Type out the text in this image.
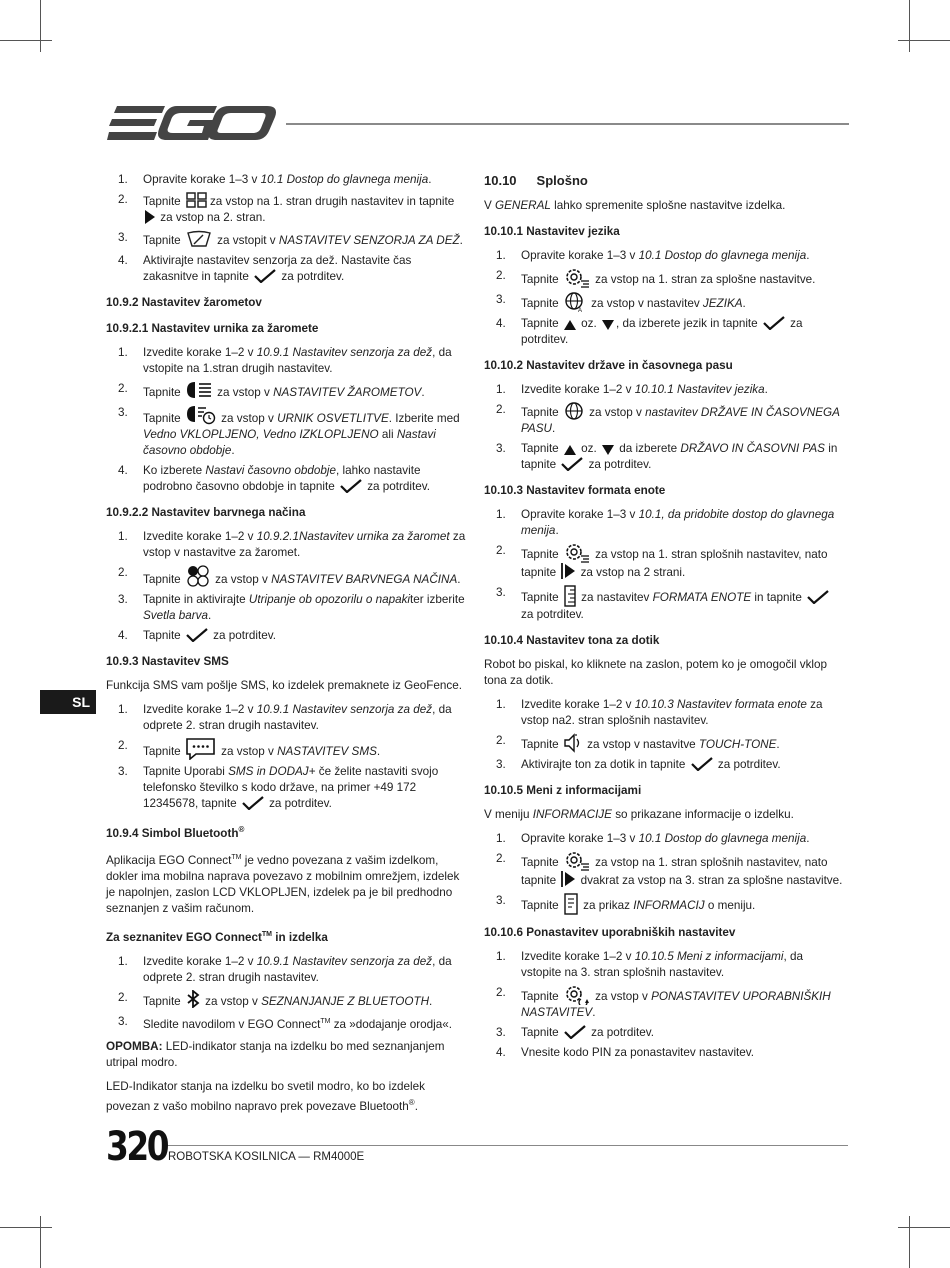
SL
1. Opravite korake 1–3 v 10.1 Dostop do glavnega menija.
2. Tapnite za vstop na 1. stran drugih nastavitev in tapnite  za vstop na 2. stran.
3. Tapnite	za vstopit v NASTAVITEV SENZORJA ZA DEŽ.
4. Aktivirajte nastavitev senzorja za dež. Nastavite čas zakasnitve in tapnite  za potrditev.
10.9.2 Nastavitev žarometov
10.9.2.1 Nastavitev urnika za žaromete
1. Izvedite korake 1–2 v 10.9.1 Nastavitev senzorja za dež, da vstopite na 1.stran drugih nastavitev.
2. Tapnite	za vstop v NASTAVITEV ŽAROMETOV.
3. Tapnite	za vstop v URNIK OSVETLITVE. Izberite med Vedno VKLOPLJENO, Vedno IZKLOPLJENO ali Nastavi časovno obdobje.
4. Ko izberete Nastavi časovno obdobje, lahko nastavite podrobno časovno obdobje in tapnite  za potrditev.
10.9.2.2 Nastavitev barvnega načina
1. Izvedite korake 1–2 v 10.9.2.1Nastavitev urnika za žaromet za vstop v nastavitve za žaromet.
2.
Tapnite  za vstop v NASTAVITEV BARVNEGA NAČINA.
3. Tapnite in aktivirajte Utripanje ob opozorilu o napakiter izberite Svetla barva.
4. Tapnite  za potrditev.
10.9.3 Nastavitev SMS
Funkcija SMS vam pošlje SMS, ko izdelek premaknete iz GeoFence.
1. Izvedite korake 1–2 v 10.9.1 Nastavitev senzorja za dež, da odprete 2. stran drugih nastavitev.
2. Tapnite	za vstop v NASTAVITEV SMS.
3. Tapnite Uporabi SMS in DODAJ+ če želite nastaviti svojo telefonsko številko s kodo države, na primer +49 172 12345678, tapnite  za potrditev.
10.9.4 Simbol Bluetooth®
Aplikacija EGO Connect™ je vedno povezana z vašim izdelkom, dokler ima mobilna naprava povezavo z mobilnim omrežjem, izdelek je napolnjen, zaslon LCD VKLOPLJEN, izdelek pa je bil predhodno seznanjen z vašim računom.
Za seznanitev EGO Connect™ in izdelka
1. Izvedite korake 1–2 v 10.9.1 Nastavitev senzorja za dež, da odprete 2. stran drugih nastavitev.
2. Tapnite  za vstop v SEZNANJANJE Z BLUETOOTH.
3. Sledite navodilom v EGO Connect™ za »dodajanje orodja«.
OPOMBA: LED-indikator stanja na izdelku bo med seznanjanjem utripal modro.
LED-Indikator stanja na izdelku bo svetil modro, ko bo izdelek povezan z vašo mobilno napravo prek povezave Bluetooth®.
10.10 Splošno
V GENERAL lahko spremenite splošne nastavitve izdelka.
10.10.1 Nastavitev jezika
1. Opravite korake 1–3 v 10.1 Dostop do glavnega menija.
2. Tapnite	za vstop na 1. stran za splošne nastavitve.
3. Tapnite
A
za vstop v nastavitev JEZIKA.
4. Tapnite  oz. , da izberete jezik in tapnite  za potrditev.
10.10.2 Nastavitev države in časovnega pasu
1. Izvedite korake 1–2 v 10.10.1 Nastavitev jezika.
2. Tapnite  za vstop v nastavitev DRŽAVE IN ČASOVNEGA PASU.
3. Tapnite  oz.  da izberete DRŽAVO IN ČASOVNI PAS in tapnite  za potrditev.
10.10.3 Nastavitev formata enote
1. Opravite korake 1–3 v 10.1, da pridobite dostop do glavnega menija.
2. Tapnite	za vstop na 1. stran splošnih nastavitev, nato tapnite  za vstop na 2 strani.
3. Tapnite  za nastavitev FORMATA ENOTE in tapnite  za potrditev.
10.10.4 Nastavitev tona za dotik
Robot bo piskal, ko kliknete na zaslon, potem ko je omogočil vklop tona za dotik.
1. Izvedite korake 1–2 v 10.10.3 Nastavitev formata enote za vstop na2. stran splošnih nastavitev.
2. Tapnite  za vstop v nastavitve TOUCH-TONE.
3. Aktivirajte ton za dotik in tapnite  za potrditev.
10.10.5 Meni z informacijami
V meniju INFORMACIJE so prikazane informacije o izdelku.
1. Opravite korake 1–3 v 10.1 Dostop do glavnega menija.
2. Tapnite	za vstop na 1. stran splošnih nastavitev, nato tapnite  dvakrat za vstop na 3. stran za splošne nastavitve.
3. Tapnite  za prikaz INFORMACIJ o meniju.
10.10.6 Ponastavitev uporabniških nastavitev
1. Izvedite korake 1–2 v 10.10.5 Meni z informacijami, da vstopite na 3. stran splošnih nastavitev.
2. Tapnite	za vstop v PONASTAVITEV UPORABNIŠKIH NASTAVITEV.
3. Tapnite  za potrditev.
4. Vnesite kodo PIN za ponastavitev nastavitev.
320 ROBOTSKA KOSILNICA — RM4000E
